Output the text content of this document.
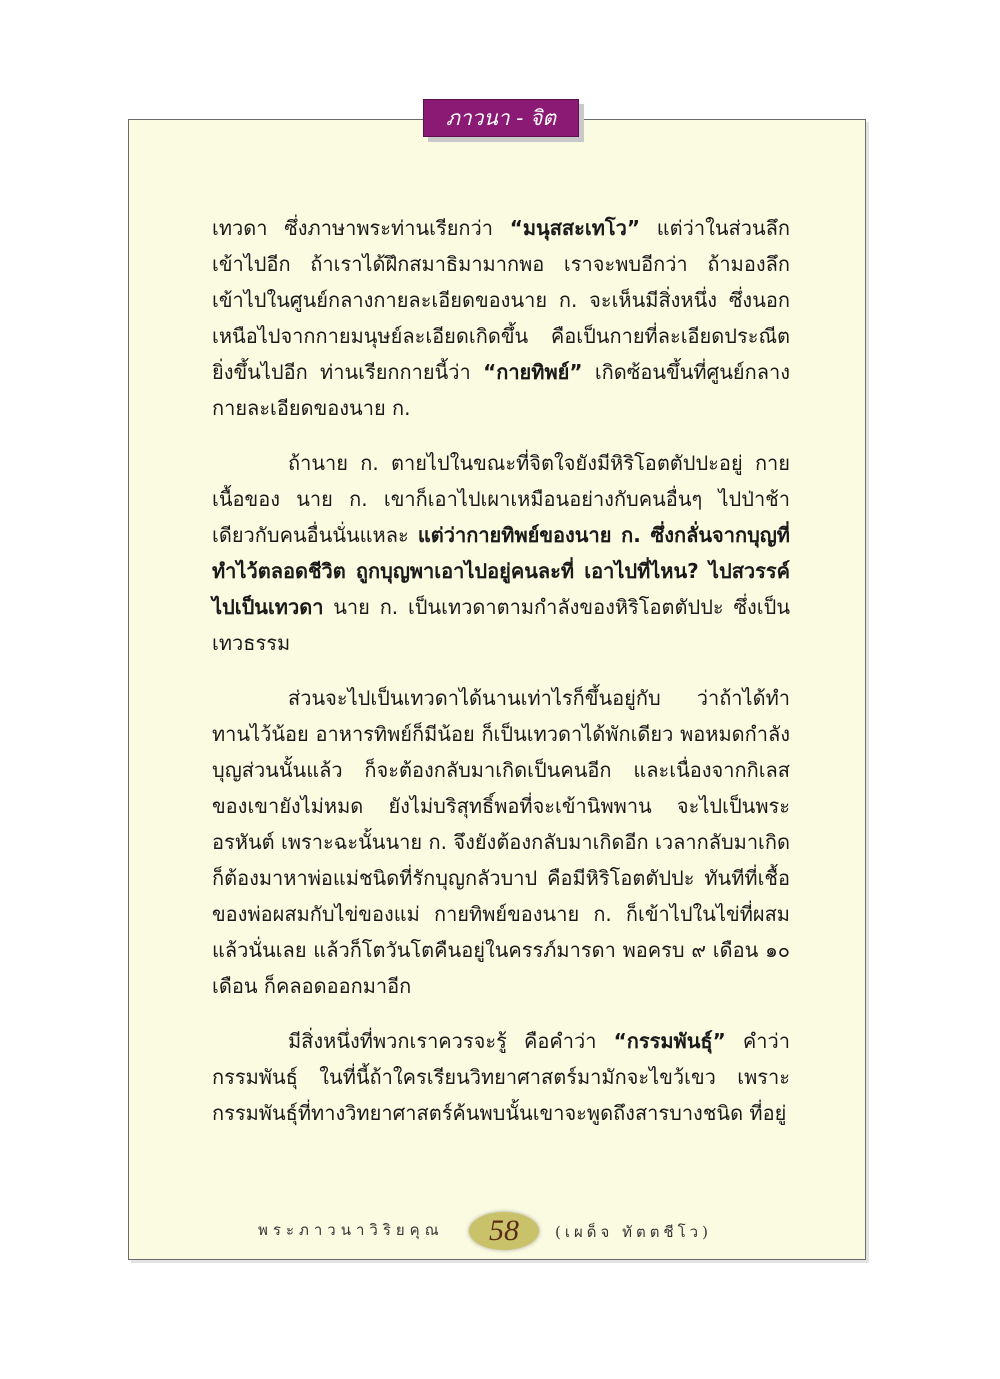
ภาวนา - จิต

เทวดา ซึ่งภาษาพระท่านเรียกว่า “มนุสสะเทโว” แต่ว่าในส่วนลึกเข้าไปอีก ถ้าเราได้ฝึกสมาธิมามากพอ เราจะพบอีกว่า ถ้ามองลึกเข้าไปในศูนย์กลางกายละเอียดของนาย ก. จะเห็นมีสิ่งหนึ่ง ซึ่งนอกเหนือไปจากกายมนุษย์ละเอียดเกิดขึ้น คือเป็นกายที่ละเอียดประณีตยิ่งขึ้นไปอีก ท่านเรียกกายนี้ว่า “กายทิพย์” เกิดซ้อนขึ้นที่ศูนย์กลางกายละเอียดของนาย ก.

ถ้านาย ก. ตายไปในขณะที่จิตใจยังมีหิริโอตตัปปะอยู่ กายเนื้อของ นาย ก. เขาก็เอาไปเผาเหมือนอย่างกับคนอื่นๆ ไปป่าช้าเดียวกับคนอื่นนั่นแหละ แต่ว่ากายทิพย์ของนาย ก. ซึ่งกลั่นจากบุญที่ทำไว้ตลอดชีวิต ถูกบุญพาเอาไปอยู่คนละที่ เอาไปที่ไหน? ไปสวรรค์ ไปเป็นเทวดา นาย ก. เป็นเทวดาตามกำลังของหิริโอตตัปปะ ซึ่งเป็นเทวธรรม

ส่วนจะไปเป็นเทวดาได้นานเท่าไรก็ขึ้นอยู่กับ ว่าถ้าได้ทำทานไว้น้อย อาหารทิพย์ก็มีน้อย ก็เป็นเทวดาได้พักเดียว พอหมดกำลังบุญส่วนนั้นแล้ว ก็จะต้องกลับมาเกิดเป็นคนอีก และเนื่องจากกิเลสของเขายังไม่หมด ยังไม่บริสุทธิ์พอที่จะเข้านิพพาน จะไปเป็นพระอรหันต์ เพราะฉะนั้นนาย ก. จึงยังต้องกลับมาเกิดอีก เวลากลับมาเกิดก็ต้องมาหาพ่อแม่ชนิดที่รักบุญกลัวบาป คือมีหิริโอตตัปปะ ทันทีที่เชื้อของพ่อผสมกับไข่ของแม่ กายทิพย์ของนาย ก. ก็เข้าไปในไข่ที่ผสมแล้วนั่นเลย แล้วก็โตวันโตคืนอยู่ในครรภ์มารดา พอครบ ๙ เดือน ๑๐ เดือน ก็คลอดออกมาอีก

มีสิ่งหนึ่งที่พวกเราควรจะรู้ คือคำว่า “กรรมพันธุ์” คำว่ากรรมพันธุ์ ในที่นี้ถ้าใครเรียนวิทยาศาสตร์มามักจะไขว้เขว เพราะกรรมพันธุ์ที่ทางวิทยาศาสตร์ค้นพบนั้นเขาจะพูดถึงสารบางชนิด ที่อยู่

พระภาวนาวิริยคุณ	58	(เผด็จ ทัตตชีโว)
